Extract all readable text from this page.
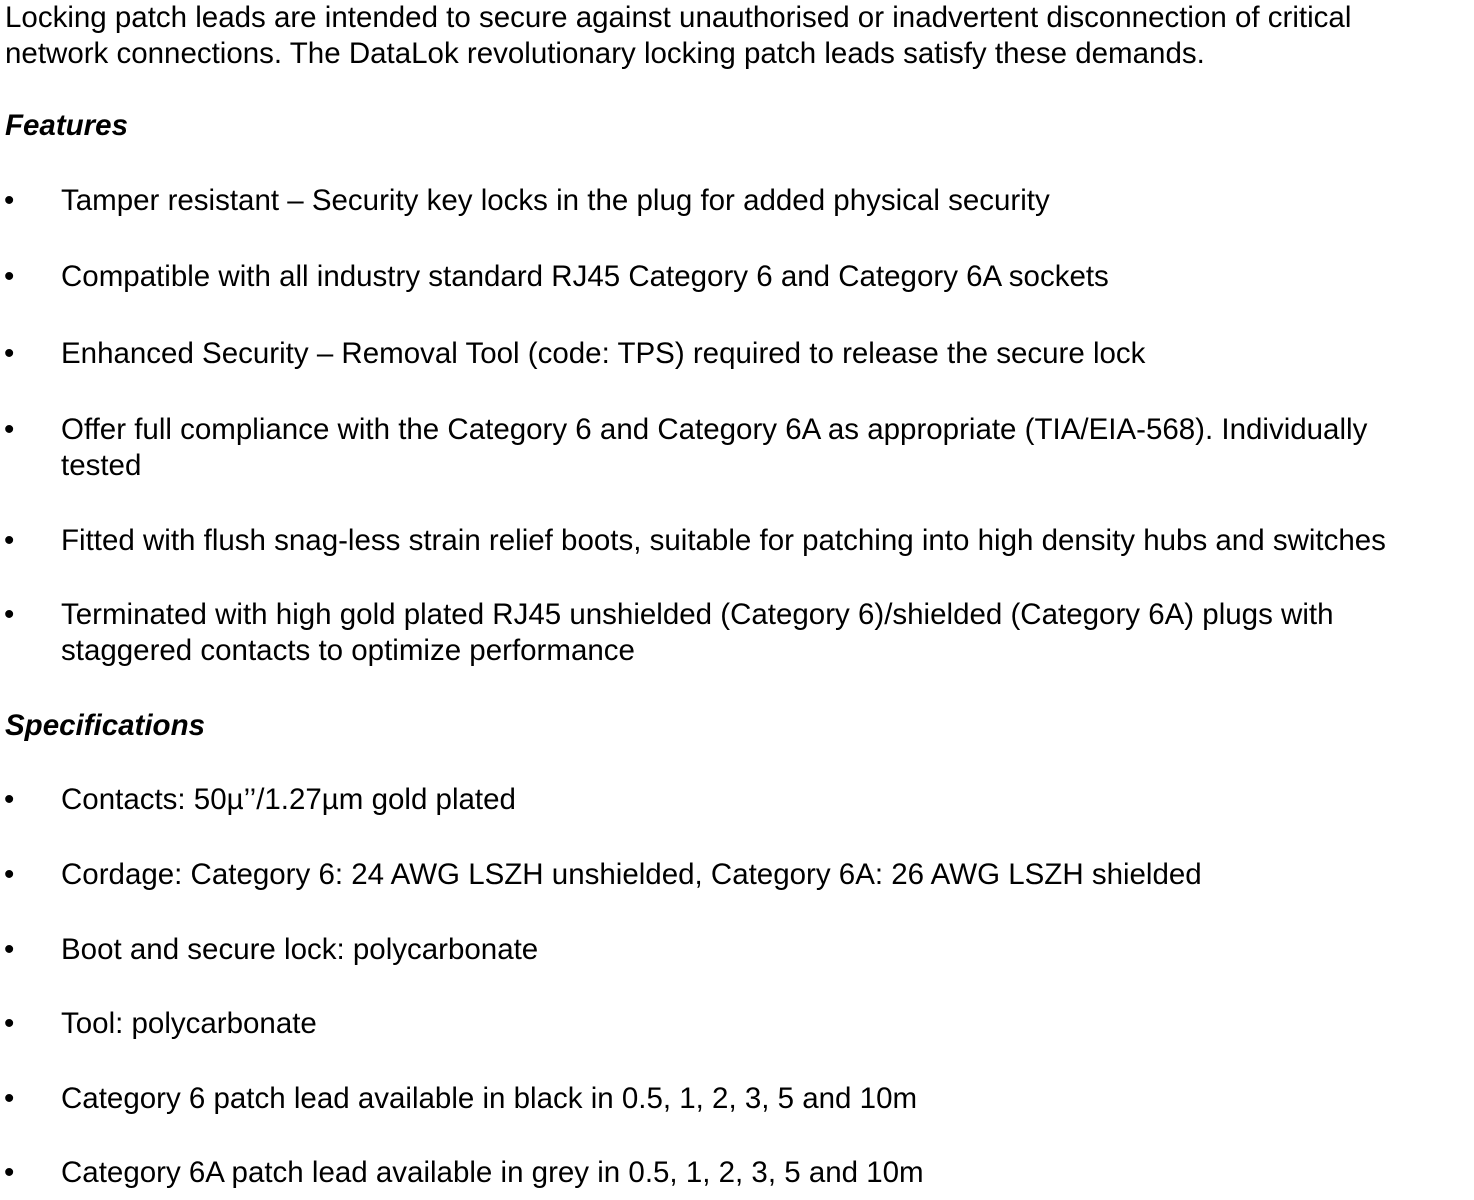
Locking patch leads are intended to secure against unauthorised or inadvertent disconnection of critical
network connections. The DataLok revolutionary locking patch leads satisfy these demands.
Features
• Tamper resistant – Security key locks in the plug for added physical security
• Compatible with all industry standard RJ45 Category 6 and Category 6A sockets
• Enhanced Security – Removal Tool (code: TPS) required to release the secure lock
• Offer full compliance with the Category 6 and Category 6A as appropriate (TIA/EIA-568). Individually
tested
• Fitted with flush snag-less strain relief boots, suitable for patching into high density hubs and switches
• Terminated with high gold plated RJ45 unshielded (Category 6)/shielded (Category 6A) plugs with
staggered contacts to optimize performance
Specifications
• Contacts: 50µ’’/1.27µm gold plated
• Cordage: Category 6: 24 AWG LSZH unshielded, Category 6A: 26 AWG LSZH shielded
• Boot and secure lock: polycarbonate
• Tool: polycarbonate
• Category 6 patch lead available in black in 0.5, 1, 2, 3, 5 and 10m
• Category 6A patch lead available in grey in 0.5, 1, 2, 3, 5 and 10m
